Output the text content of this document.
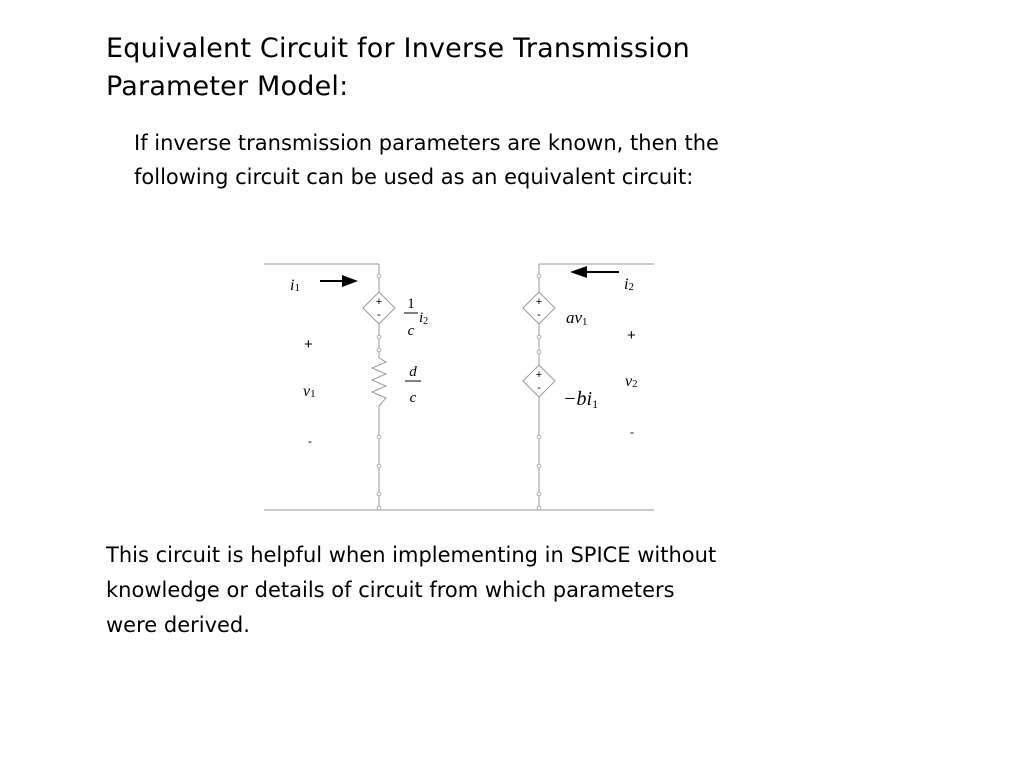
Equivalent Circuit for Inverse Transmission
Parameter Model:

If inverse transmission parameters are known, then the
following circuit can be used as an equivalent circuit:

+
-
+
-
+
-
i1
+
v1
-
1
c
i2
d
c
i2
av1
+
v2
−bi1
-

This circuit is helpful when implementing in SPICE without
knowledge or details of circuit from which parameters
were derived.
